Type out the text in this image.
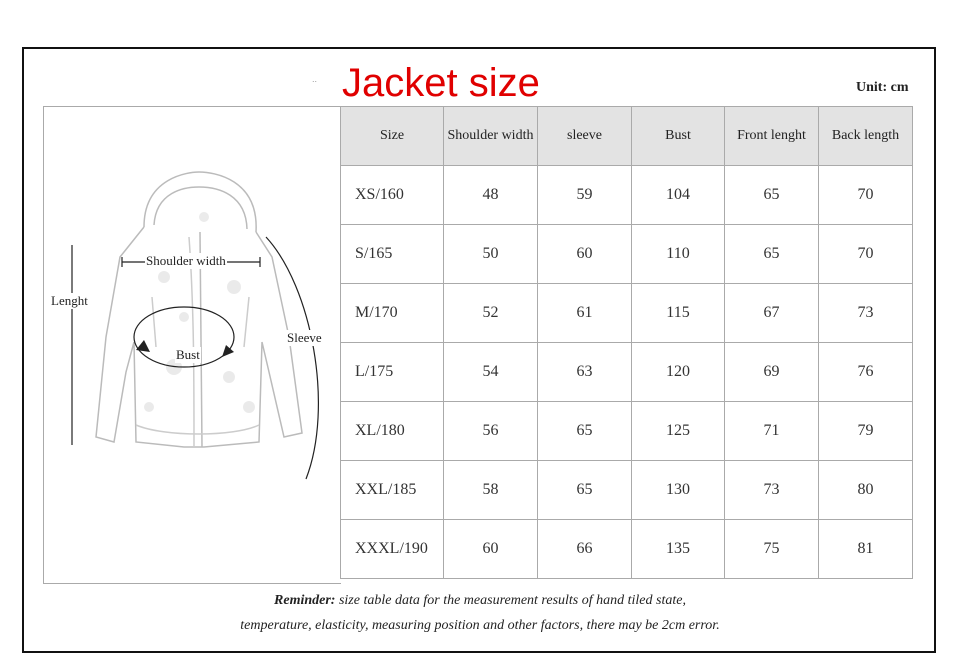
.. Jacket size	Unit: cm
Shoulder width
Lenght
Sleeve
Bust
Size	Shoulder width	sleeve	Bust	Front lenght	Back length
XS/160	48	59	104	65	70
S/165	50	60	110	65	70
M/170	52	61	115	67	73
L/175	54	63	120	69	76
XL/180	56	65	125	71	79
XXL/185	58	65	130	73	80
XXXL/190	60	66	135	75	81
Reminder: size table data for the measurement results of hand tiled state,
temperature, elasticity, measuring position and other factors, there may be 2cm error.
